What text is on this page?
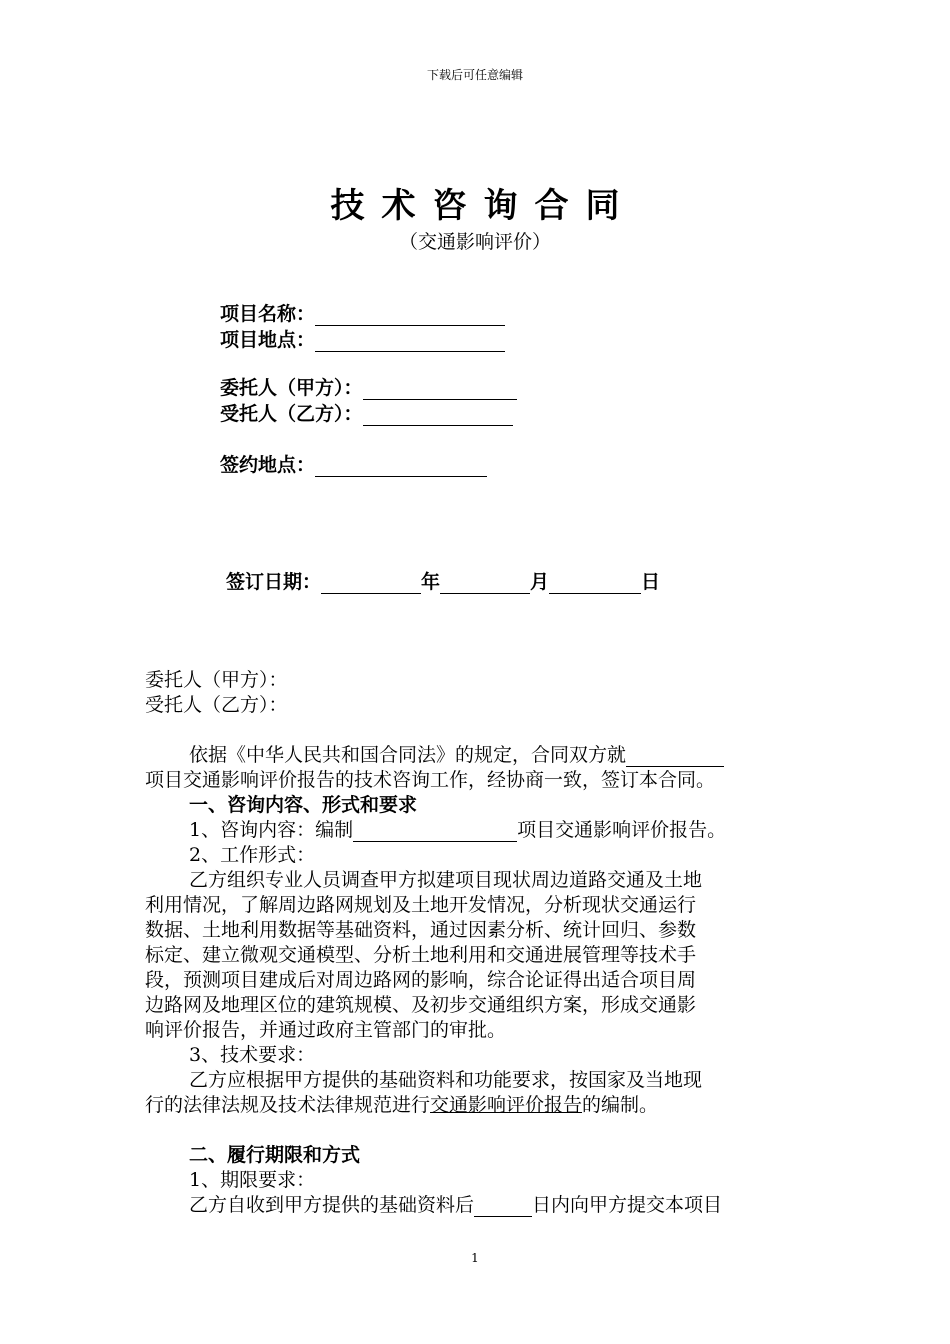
下载后可任意编辑
技术咨询合同
（交通影响评价）
项目名称：
项目地点：
委托人（甲方）：
受托人（乙方）：
签约地点：
签订日期：	年	月	日
委托人（甲方）：
受托人（乙方）：
依据《中华人民共和国合同法》的规定，合同双方就
项目交通影响评价报告的技术咨询工作，经协商一致，签订本合同。
一、咨询内容、形式和要求
1、咨询内容：编制	项目交通影响评价报告。
2、工作形式：
乙方组织专业人员调查甲方拟建项目现状周边道路交通及土地
利用情况，了解周边路网规划及土地开发情况，分析现状交通运行
数据、土地利用数据等基础资料，通过因素分析、统计回归、参数
标定、建立微观交通模型、分析土地利用和交通进展管理等技术手
段，预测项目建成后对周边路网的影响，综合论证得出适合项目周
边路网及地理区位的建筑规模、及初步交通组织方案，形成交通影
响评价报告，并通过政府主管部门的审批。
3、技术要求：
乙方应根据甲方提供的基础资料和功能要求，按国家及当地现
行的法律法规及技术法律规范进行交通影响评价报告的编制。
二、履行期限和方式
1、期限要求：
乙方自收到甲方提供的基础资料后	日内向甲方提交本项目
1
